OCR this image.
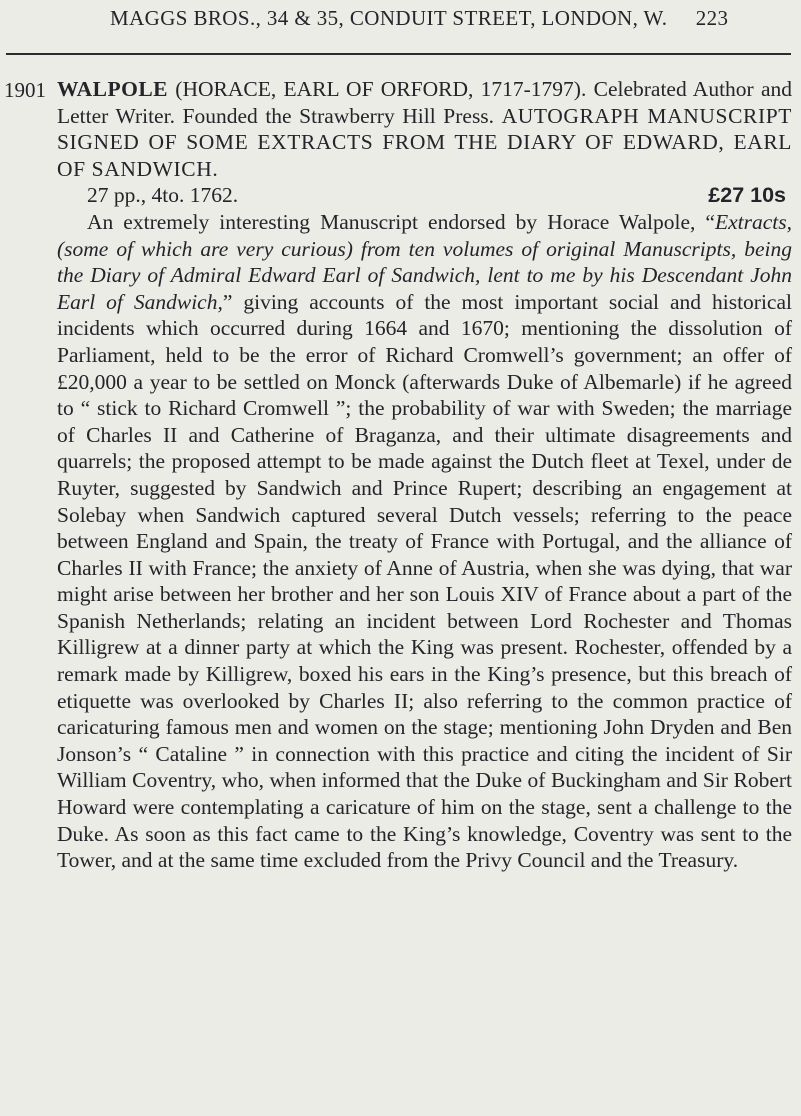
MAGGS BROS., 34 & 35, CONDUIT STREET, LONDON, W. 223
1901 WALPOLE (HORACE, EARL OF ORFORD, 1717-1797). Celebrated Author and Letter Writer. Founded the Strawberry Hill Press. AUTOGRAPH MANUSCRIPT SIGNED OF SOME EXTRACTS FROM THE DIARY OF EDWARD, EARL OF SANDWICH.

27 pp., 4to. 1762.	£27 10s

An extremely interesting Manuscript endorsed by Horace Walpole, “Extracts, (some of which are very curious) from ten volumes of original Manuscripts, being the Diary of Admiral Edward Earl of Sandwich, lent to me by his Descendant John Earl of Sandwich,” giving accounts of the most important social and historical incidents which occurred during 1664 and 1670; mentioning the dissolution of Parliament, held to be the error of Richard Cromwell’s government; an offer of £20,000 a year to be settled on Monck (afterwards Duke of Albemarle) if he agreed to “ stick to Richard Cromwell ”; the probability of war with Sweden; the marriage of Charles II and Catherine of Braganza, and their ultimate disagreements and quarrels; the proposed attempt to be made against the Dutch fleet at Texel, under de Ruyter, suggested by Sandwich and Prince Rupert; describing an engagement at Solebay when Sandwich captured several Dutch vessels; referring to the peace between England and Spain, the treaty of France with Portugal, and the alliance of Charles II with France; the anxiety of Anne of Austria, when she was dying, that war might arise between her brother and her son Louis XIV of France about a part of the Spanish Netherlands; relating an incident between Lord Rochester and Thomas Killigrew at a dinner party at which the King was present. Rochester, offended by a remark made by Killigrew, boxed his ears in the King’s presence, but this breach of etiquette was overlooked by Charles II; also referring to the common practice of caricaturing famous men and women on the stage; mentioning John Dryden and Ben Jonson’s “ Cataline ” in connection with this practice and citing the incident of Sir William Coventry, who, when informed that the Duke of Buckingham and Sir Robert Howard were contemplating a caricature of him on the stage, sent a challenge to the Duke. As soon as this fact came to the King’s knowledge, Coventry was sent to the Tower, and at the same time excluded from the Privy Council and the Treasury.
